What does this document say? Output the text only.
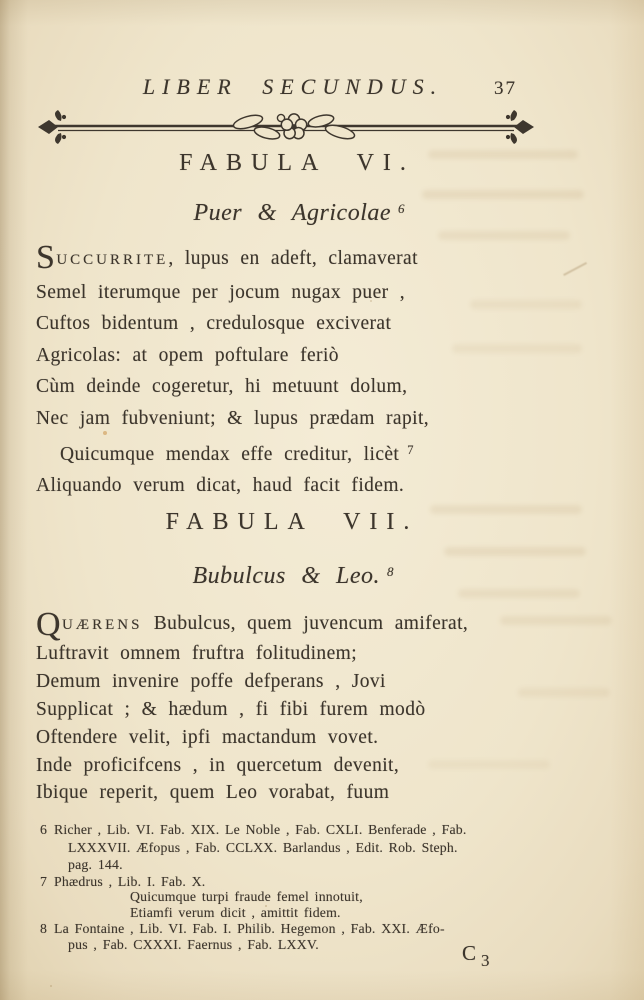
LIBER SECUNDUS.	37
FABULA VI.
Puer & Agricolae $^6$
SUCCURRITE, lupus en adeft, clamaverat
Semel iterumque per jocum nugax puer ,
Cuftos bidentum , credulosque exciverat
Agricolas: at opem poftulare feriò
Cùm deinde cogeretur, hi metuunt dolum,
Nec jam fubveniunt; & lupus prædam rapit,
Quicumque mendax effe creditur, licèt $^7$
Aliquando verum dicat, haud facit fidem.
FABULA VII.
Bubulcus & Leo. $^8$
QUÆRENS Bubulcus, quem juvencum amiferat,
Luftravit omnem fruftra folitudinem;
Demum invenire poffe defperans , Jovi
Supplicat ; & hædum , fi fibi furem modò
Oftendere velit, ipfi mactandum vovet.
Inde proficifcens , in quercetum devenit,
Ibique reperit, quem Leo vorabat, fuum
6 Richer , Lib. VI. Fab. XIX. Le Noble , Fab. CXLI. Benferade , Fab.
LXXXVII. Æfopus , Fab. CCLXX. Barlandus , Edit. Rob. Steph.
pag. 144.
7 Phædrus , Lib. I. Fab. X.
Quicumque turpi fraude femel innotuit,
Etiamfi verum dicit , amittit fidem.
8 La Fontaine , Lib. VI. Fab. I. Philib. Hegemon , Fab. XXI. Æfo-
pus , Fab. CXXXI. Faernus , Fab. LXXV.	C $_3$
